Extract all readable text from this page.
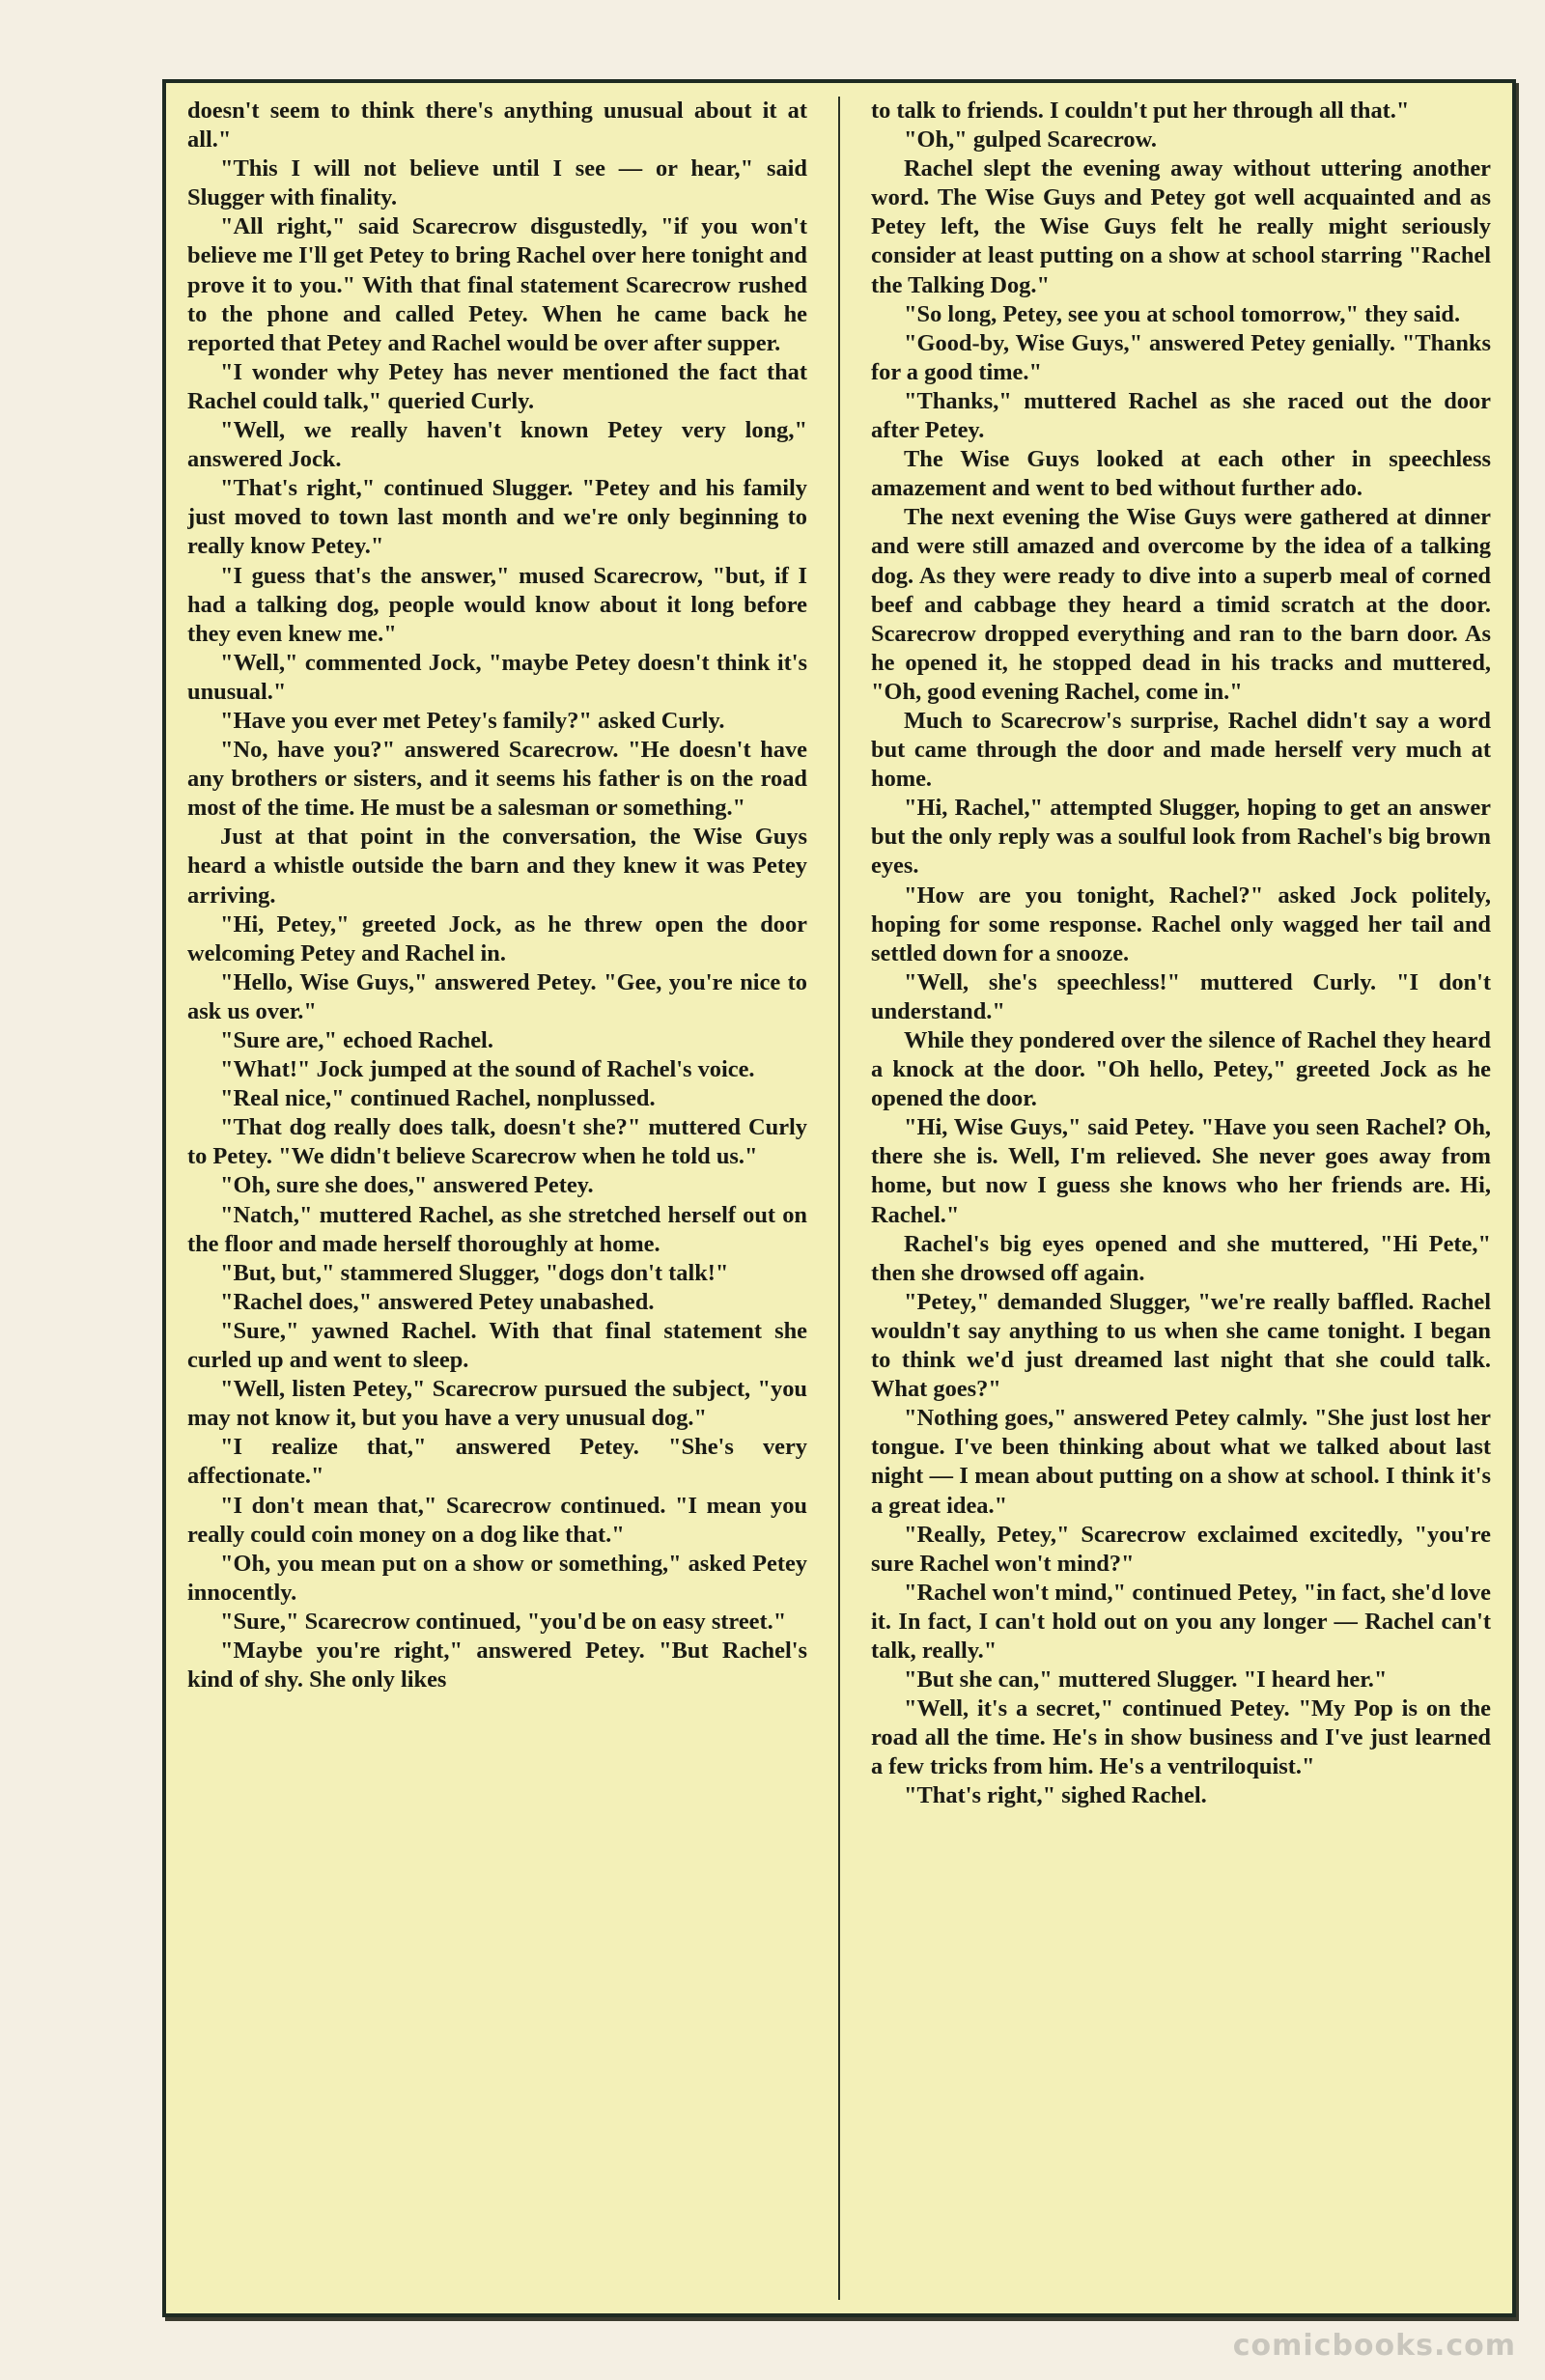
doesn't seem to think there's anything unusual about it at all."

"This I will not believe until I see — or hear," said Slugger with finality.

"All right," said Scarecrow disgustedly, "if you won't believe me I'll get Petey to bring Rachel over here tonight and prove it to you." With that final statement Scarecrow rushed to the phone and called Petey. When he came back he reported that Petey and Rachel would be over after supper.

"I wonder why Petey has never mentioned the fact that Rachel could talk," queried Curly.

"Well, we really haven't known Petey very long," answered Jock.

"That's right," continued Slugger. "Petey and his family just moved to town last month and we're only beginning to really know Petey."

"I guess that's the answer," mused Scarecrow, "but, if I had a talking dog, people would know about it long before they even knew me."

"Well," commented Jock, "maybe Petey doesn't think it's unusual."

"Have you ever met Petey's family?" asked Curly.

"No, have you?" answered Scarecrow. "He doesn't have any brothers or sisters, and it seems his father is on the road most of the time. He must be a salesman or something."

Just at that point in the conversation, the Wise Guys heard a whistle outside the barn and they knew it was Petey arriving.

"Hi, Petey," greeted Jock, as he threw open the door welcoming Petey and Rachel in.

"Hello, Wise Guys," answered Petey. "Gee, you're nice to ask us over."

"Sure are," echoed Rachel.

"What!" Jock jumped at the sound of Rachel's voice.

"Real nice," continued Rachel, nonplussed.

"That dog really does talk, doesn't she?" muttered Curly to Petey. "We didn't believe Scarecrow when he told us."

"Oh, sure she does," answered Petey.

"Natch," muttered Rachel, as she stretched herself out on the floor and made herself thoroughly at home.

"But, but," stammered Slugger, "dogs don't talk!"

"Rachel does," answered Petey unabashed.

"Sure," yawned Rachel. With that final statement she curled up and went to sleep.

"Well, listen Petey," Scarecrow pursued the subject, "you may not know it, but you have a very unusual dog."

"I realize that," answered Petey. "She's very affectionate."

"I don't mean that," Scarecrow continued. "I mean you really could coin money on a dog like that."

"Oh, you mean put on a show or something," asked Petey innocently.

"Sure," Scarecrow continued, "you'd be on easy street."

"Maybe you're right," answered Petey. "But Rachel's kind of shy. She only likes

to talk to friends. I couldn't put her through all that."

"Oh," gulped Scarecrow.

Rachel slept the evening away without uttering another word. The Wise Guys and Petey got well acquainted and as Petey left, the Wise Guys felt he really might seriously consider at least putting on a show at school starring "Rachel the Talking Dog."

"So long, Petey, see you at school tomorrow," they said.

"Good-by, Wise Guys," answered Petey genially. "Thanks for a good time."

"Thanks," muttered Rachel as she raced out the door after Petey.

The Wise Guys looked at each other in speechless amazement and went to bed without further ado.

The next evening the Wise Guys were gathered at dinner and were still amazed and overcome by the idea of a talking dog. As they were ready to dive into a superb meal of corned beef and cabbage they heard a timid scratch at the door. Scarecrow dropped everything and ran to the barn door. As he opened it, he stopped dead in his tracks and muttered, "Oh, good evening Rachel, come in."

Much to Scarecrow's surprise, Rachel didn't say a word but came through the door and made herself very much at home.

"Hi, Rachel," attempted Slugger, hoping to get an answer but the only reply was a soulful look from Rachel's big brown eyes.

"How are you tonight, Rachel?" asked Jock politely, hoping for some response. Rachel only wagged her tail and settled down for a snooze.

"Well, she's speechless!" muttered Curly. "I don't understand."

While they pondered over the silence of Rachel they heard a knock at the door. "Oh hello, Petey," greeted Jock as he opened the door.

"Hi, Wise Guys," said Petey. "Have you seen Rachel? Oh, there she is. Well, I'm relieved. She never goes away from home, but now I guess she knows who her friends are. Hi, Rachel."

Rachel's big eyes opened and she muttered, "Hi Pete," then she drowsed off again.

"Petey," demanded Slugger, "we're really baffled. Rachel wouldn't say anything to us when she came tonight. I began to think we'd just dreamed last night that she could talk. What goes?"

"Nothing goes," answered Petey calmly. "She just lost her tongue. I've been thinking about what we talked about last night — I mean about putting on a show at school. I think it's a great idea."

"Really, Petey," Scarecrow exclaimed excitedly, "you're sure Rachel won't mind?"

"Rachel won't mind," continued Petey, "in fact, she'd love it. In fact, I can't hold out on you any longer — Rachel can't talk, really."

"But she can," muttered Slugger. "I heard her."

"Well, it's a secret," continued Petey. "My Pop is on the road all the time. He's in show business and I've just learned a few tricks from him. He's a ventriloquist."

"That's right," sighed Rachel.

comicbooks.com
